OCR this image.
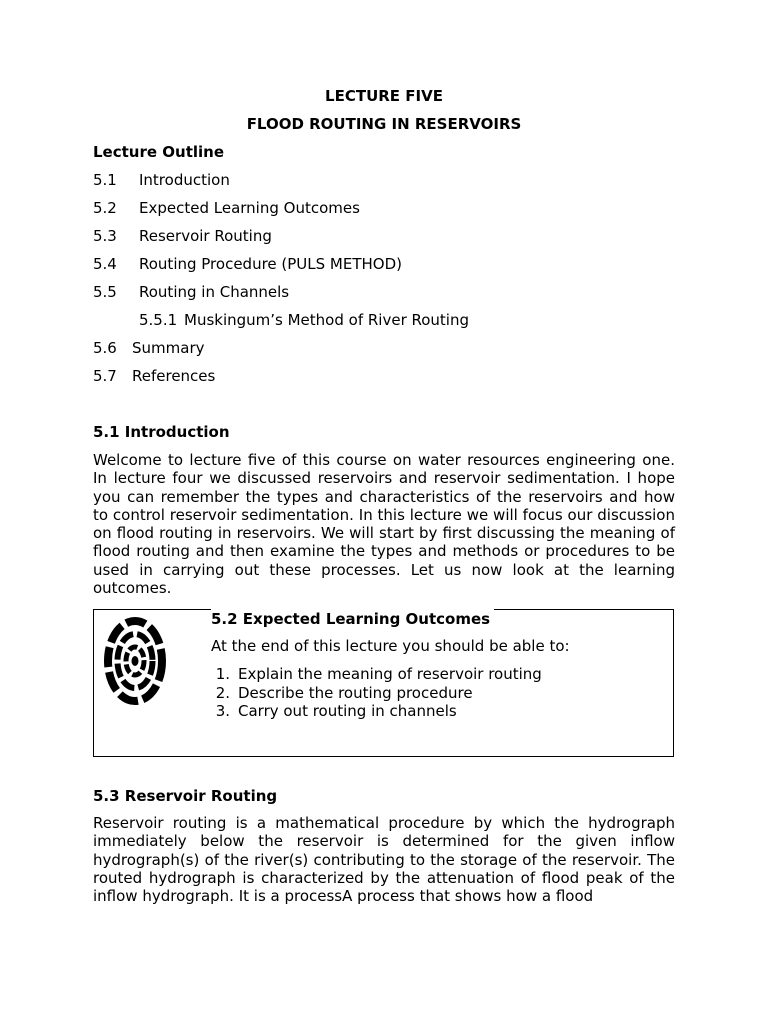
LECTURE FIVE
FLOOD ROUTING IN RESERVOIRS
Lecture Outline
5.1 Introduction
5.2 Expected Learning Outcomes
5.3 Reservoir Routing
5.4 Routing Procedure (PULS METHOD)
5.5 Routing in Channels
5.5.1 Muskingum’s Method of River Routing
5.6 Summary
5.7 References
5.1 Introduction

Welcome to lecture five of this course on water resources engineering one. In lecture four we discussed reservoirs and reservoir sedimentation. I hope you can remember the types and characteristics of the reservoirs and how to control reservoir sedimentation. In this lecture we will focus our discussion on flood routing in reservoirs. We will start by first discussing the meaning of flood routing and then examine the types and methods or procedures to be used in carrying out these processes. Let us now look at the learning outcomes.

5.2 Expected Learning Outcomes
At the end of this lecture you should be able to:
1. Explain the meaning of reservoir routing
2. Describe the routing procedure
3. Carry out routing in channels
5.3 Reservoir Routing

Reservoir routing is a mathematical procedure by which the hydrograph immediately below the reservoir is determined for the given inflow hydrograph(s) of the river(s) contributing to the storage of the reservoir. The routed hydrograph is characterized by the attenuation of flood peak of the inflow hydrograph. It is a processA process that shows how a flood
